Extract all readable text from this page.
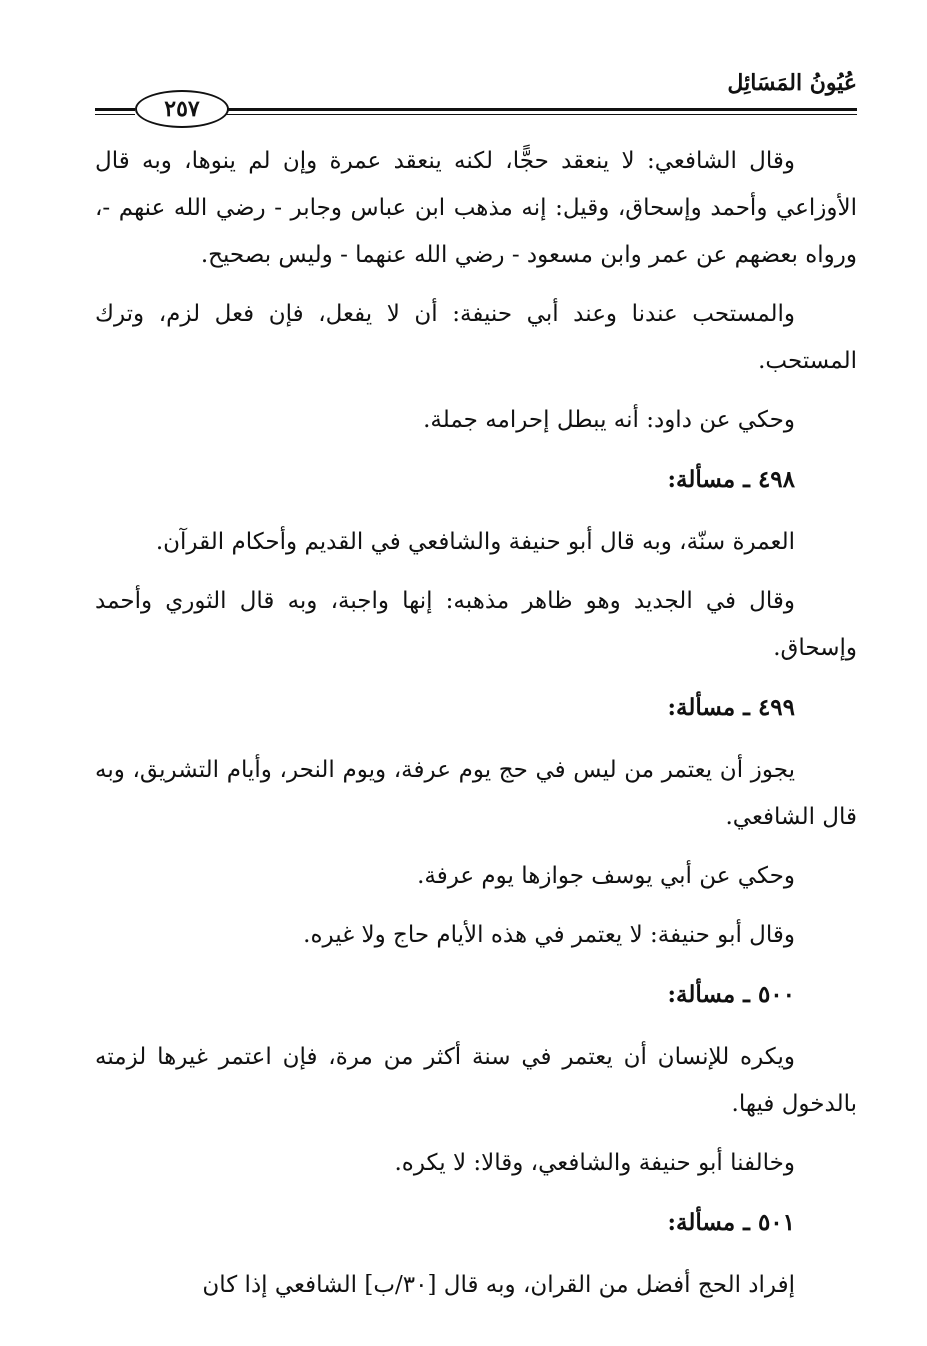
عُيُونُ المَسَائِل
٢٥٧

وقال الشافعي: لا ينعقد حجًّا، لكنه ينعقد عمرة وإن لم ينوها، وبه قال الأوزاعي وأحمد وإسحاق، وقيل: إنه مذهب ابن عباس وجابر - رضي الله عنهم -، ورواه بعضهم عن عمر وابن مسعود - رضي الله عنهما - وليس بصحيح.

والمستحب عندنا وعند أبي حنيفة: أن لا يفعل، فإن فعل لزم، وترك المستحب.

وحكي عن داود: أنه يبطل إحرامه جملة.

٤٩٨ ـ مسألة:

العمرة سنّة، وبه قال أبو حنيفة والشافعي في القديم وأحكام القرآن.

وقال في الجديد وهو ظاهر مذهبه: إنها واجبة، وبه قال الثوري وأحمد وإسحاق.

٤٩٩ ـ مسألة:

يجوز أن يعتمر من ليس في حج يوم عرفة، ويوم النحر، وأيام التشريق، وبه قال الشافعي.

وحكي عن أبي يوسف جوازها يوم عرفة.

وقال أبو حنيفة: لا يعتمر في هذه الأيام حاج ولا غيره.

٥٠٠ ـ مسألة:

ويكره للإنسان أن يعتمر في سنة أكثر من مرة، فإن اعتمر غيرها لزمته بالدخول فيها.

وخالفنا أبو حنيفة والشافعي، وقالا: لا يكره.

٥٠١ ـ مسألة:

إفراد الحج أفضل من القران، وبه قال [٣٠/ب] الشافعي إذا كان
